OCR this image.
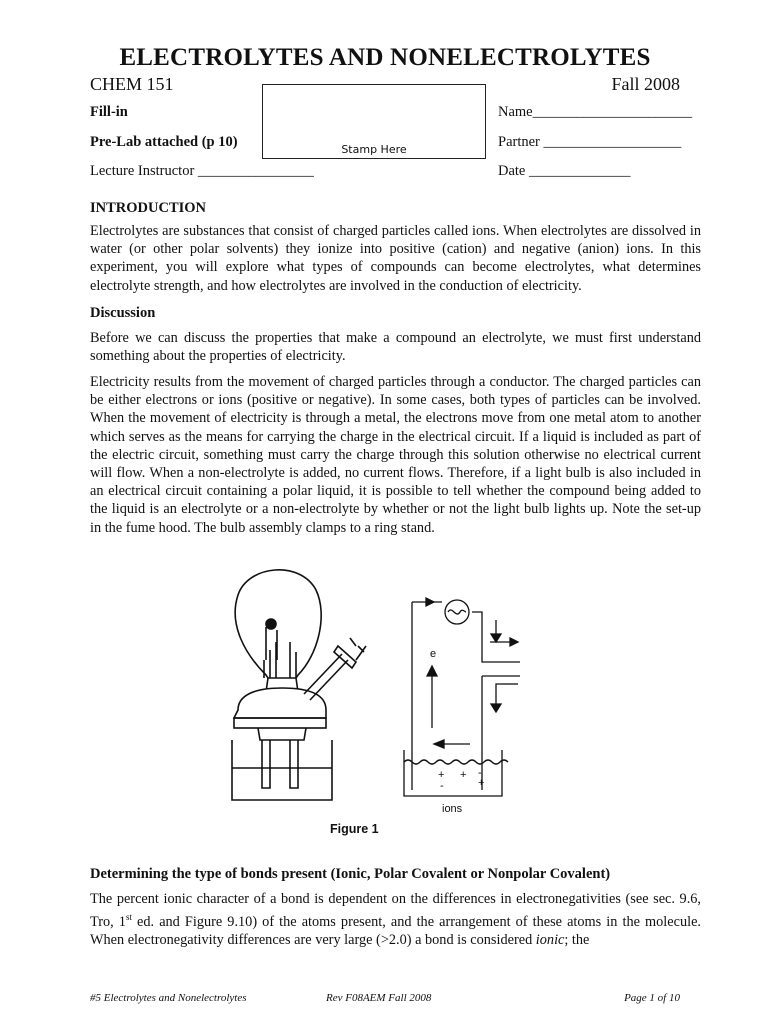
ELECTROLYTES AND NONELECTROLYTES
CHEM 151	Fall 2008
Fill-in
Pre-Lab attached (p 10)
Lecture Instructor ________________
Stamp Here
Name______________________
Partner ___________________
Date ______________
INTRODUCTION
Electrolytes are substances that consist of charged particles called ions. When electrolytes are dissolved in water (or other polar solvents) they ionize into positive (cation) and negative (anion) ions. In this experiment, you will explore what types of compounds can become electrolytes, what determines electrolyte strength, and how electrolytes are involved in the conduction of electricity.
Discussion
Before we can discuss the properties that make a compound an electrolyte, we must first understand something about the properties of electricity.
Electricity results from the movement of charged particles through a conductor. The charged particles can be either electrons or ions (positive or negative). In some cases, both types of particles can be involved. When the movement of electricity is through a metal, the electrons move from one metal atom to another which serves as the means for carrying the charge in the electrical circuit. If a liquid is included as part of the electric circuit, something must carry the charge through this solution otherwise no electrical current will flow. When a non-electrolyte is added, no current flows. Therefore, if a light bulb is also included in an electrical circuit containing a polar liquid, it is possible to tell whether the compound being added to the liquid is an electrolyte or a non-electrolyte by whether or not the light bulb lights up. Note the set-up in the fume hood. The bulb assembly clamps to a ring stand.
e
+ +
+
-
-
ions
Figure 1
Determining the type of bonds present (Ionic, Polar Covalent or Nonpolar Covalent)
The percent ionic character of a bond is dependent on the differences in electronegativities (see sec. 9.6, Tro, 1st ed. and Figure 9.10) of the atoms present, and the arrangement of these atoms in the molecule. When electronegativity differences are very large (>2.0) a bond is considered ionic; the
#5 Electrolytes and Nonelectrolytes	Rev F08AEM Fall 2008	Page 1 of 10
